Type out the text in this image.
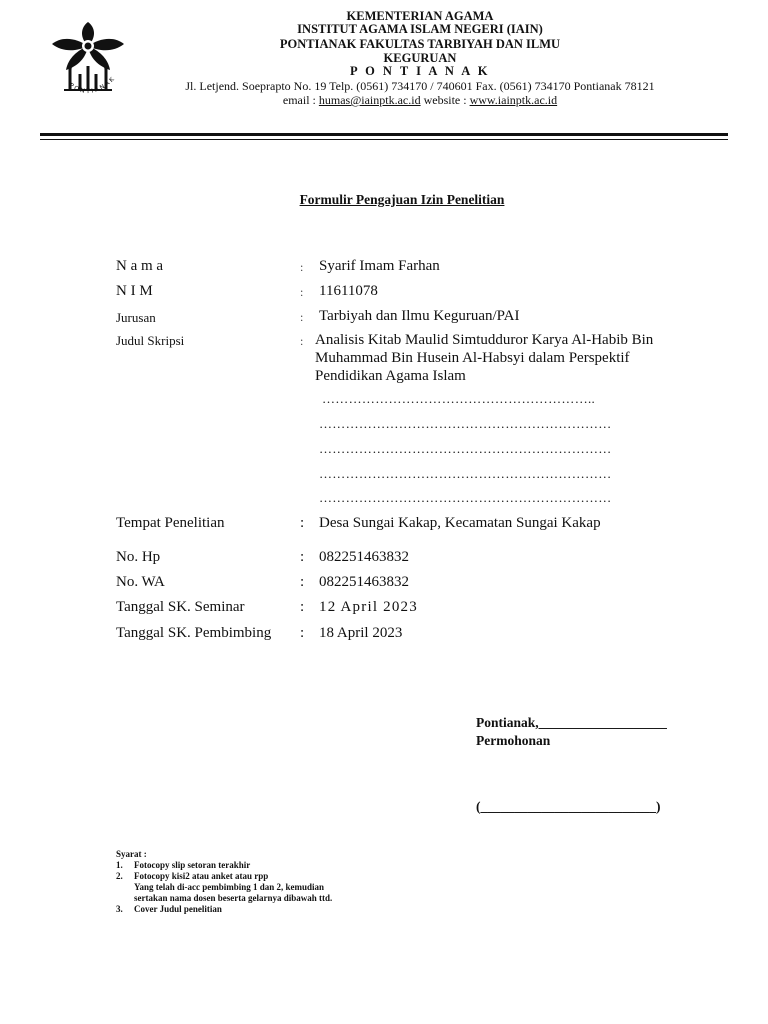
PONTIANAK
KEMENTERIAN AGAMA
INSTITUT AGAMA ISLAM NEGERI (IAIN)
PONTIANAK FAKULTAS TARBIYAH DAN ILMU
KEGURUAN
P O N T I A N A K
Jl. Letjend. Soeprapto No. 19 Telp. (0561) 734170 / 740601 Fax. (0561) 734170 Pontianak 78121
email : humas@iainptk.ac.id website : www.iainptk.ac.id
Formulir Pengajuan Izin Penelitian
N a m a	: Syarif Imam Farhan
N I M	: 11611078
Jurusan	: Tarbiyah dan Ilmu Keguruan/PAI
Judul Skripsi	: Analisis Kitab Maulid Simtudduror Karya Al-Habib Bin Muhammad Bin Husein Al-Habsyi dalam Perspektif Pendidikan Agama Islam
……………………………………………………..
…………………………………………………………
…………………………………………………………
…………………………………………………………
…………………………………………………………
Tempat Penelitian	: Desa Sungai Kakap, Kecamatan Sungai Kakap
No. Hp	: 082251463832
No. WA	: 082251463832
Tanggal SK. Seminar	: 12 April 2023
Tanggal SK. Pembimbing : 18 April 2023
Pontianak,___________________
Permohonan
(__________________________)
Syarat :
1. Fotocopy slip setoran terakhir
2. Fotocopy kisi2 atau anket atau rpp
Yang telah di-acc pembimbing 1 dan 2, kemudian
sertakan nama dosen beserta gelarnya dibawah ttd.
3. Cover Judul penelitian
